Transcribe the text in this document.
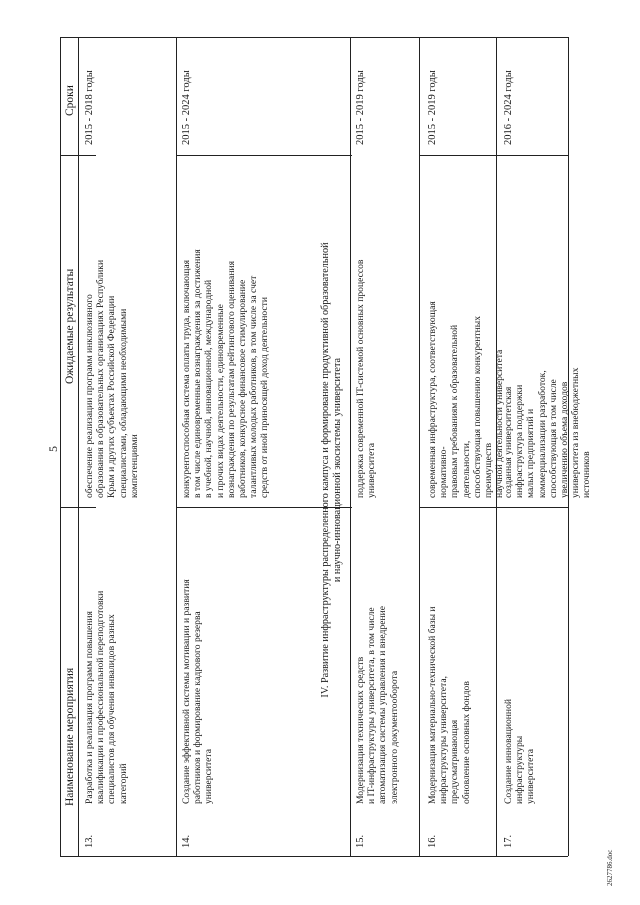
5
Наименование мероприятия
Ожидаемые результаты
Сроки
13.
Разработка и реализация программ повышения
квалификации и профессиональной переподготовки
специалистов для обучения инвалидов разных
категорий
обеспечение реализации программ инклюзивного
образования в образовательных организациях Республики
Крым и других субъектах Российской Федерации
специалистами, обладающими необходимыми
компетенциями
2015 - 2018 годы
14.
Создание эффективной системы мотивации и развития
работников и формирование кадрового резерва
университета
конкурентоспособная система оплаты труда, включающая
в том числе единовременные вознаграждения за достижения
в учебной, научной, инновационной, международной
и прочих видах деятельности, единовременные
вознаграждения по результатам рейтингового оценивания
работников, конкурсное финансовое стимулирование
талантливых молодых работников, в том числе за счет
средств от иной приносящей доход деятельности
2015 - 2024 годы
IV. Развитие инфраструктуры распределенного кампуса и формирование продуктивной образовательной
и научно-инновационной экосистемы университета
15.
Модернизация технических средств
и IT-инфраструктуры университета, в том числе
автоматизация системы управления и внедрение
электронного документооборота
поддержка современной IT-системой основных процессов
университета
2015 - 2019 годы
16.
Модернизация материально-технической базы и
инфраструктуры университета, предусматривающая
обновление основных фондов
современная инфраструктура, соответствующая нормативно-
правовым требованиям к образовательной деятельности,
способствующая повышению конкурентных преимуществ
научной деятельности университета
2015 - 2019 годы
17.
Создание инновационной инфраструктуры
университета
созданная университетская инфраструктура поддержки
малых предприятий и коммерциализации разработок,
способствующая в том числе увеличению объема доходов
университета из внебюджетных источников
2016 - 2024 годы
2627786.doc
